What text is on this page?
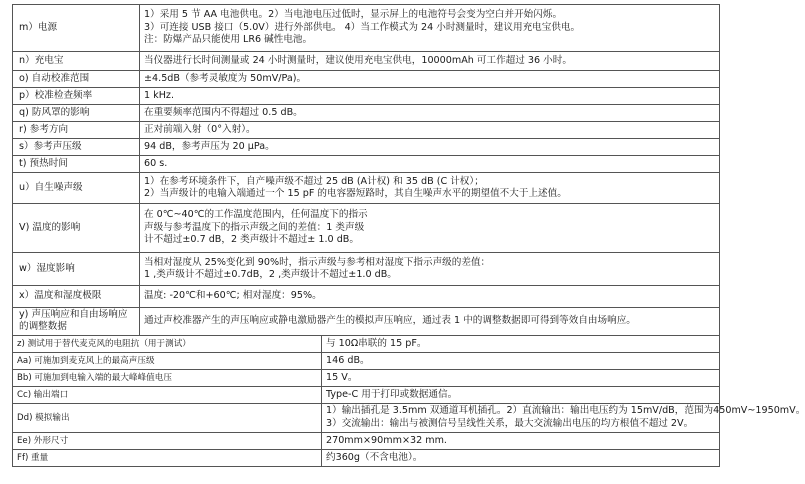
m）电源	1）采用 5 节 AA 电池供电。2）当电池电压过低时，显示屏上的电池符号会变为空白并开始闪烁。
3）可连接 USB 接口（5.0V）进行外部供电。 4）当工作模式为 24 小时测量时，建议用充电宝供电。
注：防爆产品只能使用 LR6 碱性电池。

n）充电宝	当仪器进行长时间测量或 24 小时测量时，建议使用充电宝供电，10000mAh 可工作超过 36 小时。

o) 自动校准范围	±4.5dB（参考灵敏度为 50mV/Pa)。

p）校准检查频率	1 kHz.

q) 防风罩的影响	在重要频率范围内不得超过 0.5 dB。

r) 参考方向	正对前端入射（0°入射）。

s）参考声压级	94 dB，参考声压为 20 μPa。

t) 预热时间	60 s.

u）自生噪声级	1）在参考环境条件下，自产噪声级不超过 25 dB (A计权) 和 35 dB (C 计权）；
2）当声级计的电输入端通过一个 15 pF 的电容器短路时，其自生噪声水平的期望值不大于上述值。

V) 温度的影响	在 0℃~40℃的工作温度范围内，任何温度下的指示
声级与参考温度下的指示声级之间的差值：1 类声级
计不超过±0.7 dB，2 类声级计不超过± 1.0 dB。

w）湿度影响	当相对湿度从 25%变化到 90%时，指示声级与参考相对湿度下指示声级的差值：
1 ,类声级计不超过±0.7dB，2 ,类声级计不超过±1.0 dB。

x）温度和湿度极限	温度: -20℃和+60℃; 相对湿度：95%。

y) 声压响应和自由场响应的调整数据	通过声校准器产生的声压响应或静电激励器产生的模拟声压响应，通过表 1 中的调整数据即可得到等效自由场响应。
z) 测试用于替代麦克风的电阻抗（用于测试）	与 10Ω串联的 15 pF。

Aa) 可施加到麦克风上的最高声压级	146 dB。

Bb) 可施加到电输入端的最大峰峰值电压	15 V。

Cc) 输出端口	Type-C 用于打印或数据通信。

Dd) 模拟输出	1）输出插孔是 3.5mm 双通道耳机插孔。2）直流输出：输出电压约为 15mV/dB，范围为450mV~1950mV。
3）交流输出：输出与被测信号呈线性关系，最大交流输出电压的均方根值不超过 2V。

Ee) 外形尺寸	270mm×90mm×32 mm.

Ff) 重量	约360g（不含电池）。
